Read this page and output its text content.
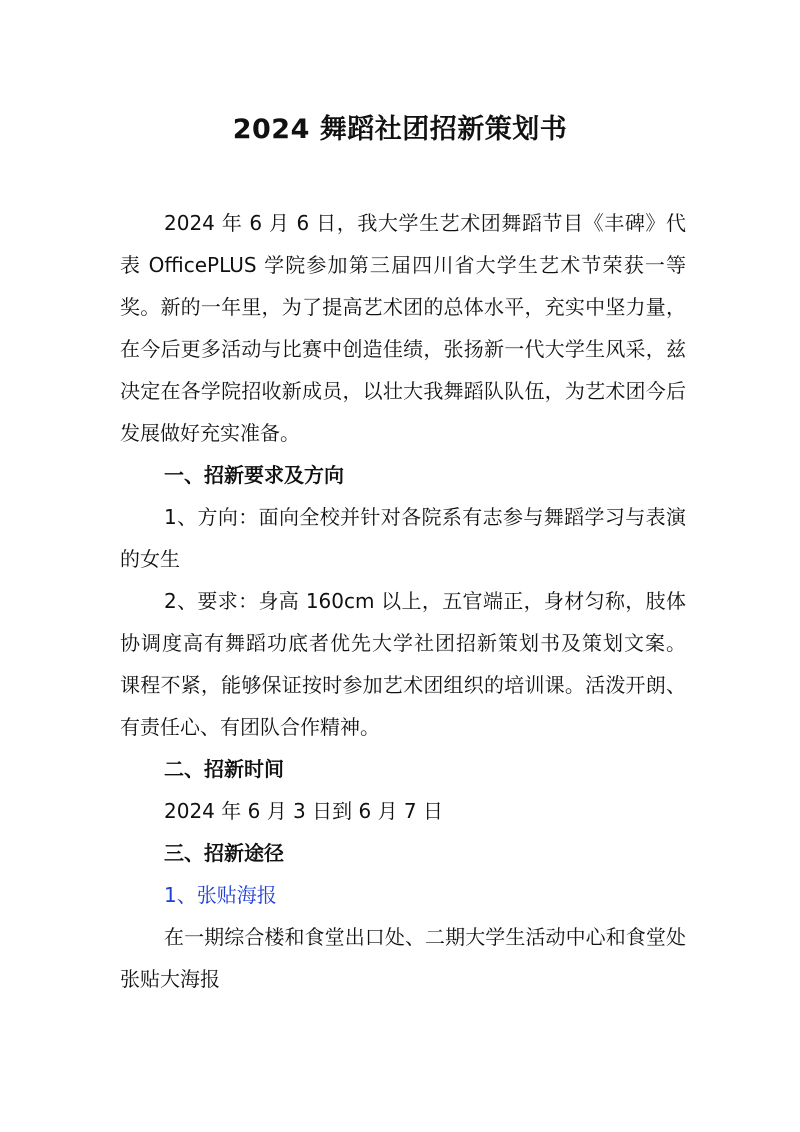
2024 舞蹈社团招新策划书

2024 年 6 月 6 日，我大学生艺术团舞蹈节目《丰碑》代表 OfficePLUS 学院参加第三届四川省大学生艺术节荣获一等奖。新的一年里，为了提高艺术团的总体水平，充实中坚力量，在今后更多活动与比赛中创造佳绩，张扬新一代大学生风采，兹决定在各学院招收新成员，以壮大我舞蹈队队伍，为艺术团今后发展做好充实准备。

一、招新要求及方向

1、方向：面向全校并针对各院系有志参与舞蹈学习与表演的女生

2、要求：身高 160cm 以上，五官端正，身材匀称，肢体协调度高有舞蹈功底者优先大学社团招新策划书及策划文案。 课程不紧，能够保证按时参加艺术团组织的培训课。活泼开朗、有责任心、有团队合作精神。

二、招新时间

2024 年 6 月 3 日到 6 月 7 日

三、招新途径

1、张贴海报

在一期综合楼和食堂出口处、二期大学生活动中心和食堂处张贴大海报
